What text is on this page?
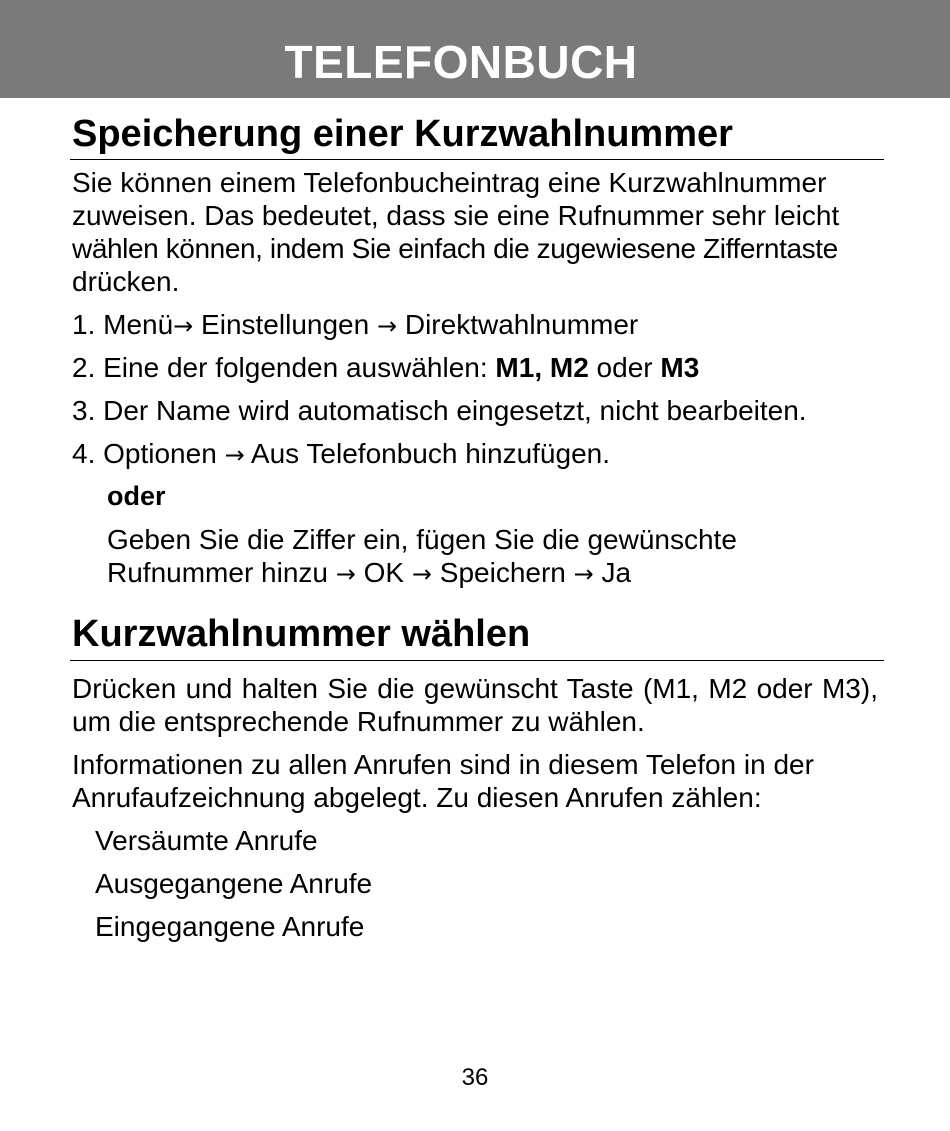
TELEFONBUCH
Speicherung einer Kurzwahlnummer
Sie können einem Telefonbucheintrag eine Kurzwahlnummer
zuweisen. Das bedeutet, dass sie eine Rufnummer sehr leicht
wählen können, indem Sie einfach die zugewiesene Zifferntaste
drücken.
1. Menü→ Einstellungen → Direktwahlnummer
2. Eine der folgenden auswählen: M1, M2 oder M3
3. Der Name wird automatisch eingesetzt, nicht bearbeiten.
4. Optionen → Aus Telefonbuch hinzufügen.
oder
Geben Sie die Ziffer ein, fügen Sie die gewünschte
Rufnummer hinzu → OK → Speichern → Ja
Kurzwahlnummer wählen
Drücken und halten Sie die gewünscht Taste (M1, M2 oder M3), um die entsprechende Rufnummer zu wählen.
Informationen zu allen Anrufen sind in diesem Telefon in der Anrufaufzeichnung abgelegt. Zu diesen Anrufen zählen:
Versäumte Anrufe
Ausgegangene Anrufe
Eingegangene Anrufe
36
